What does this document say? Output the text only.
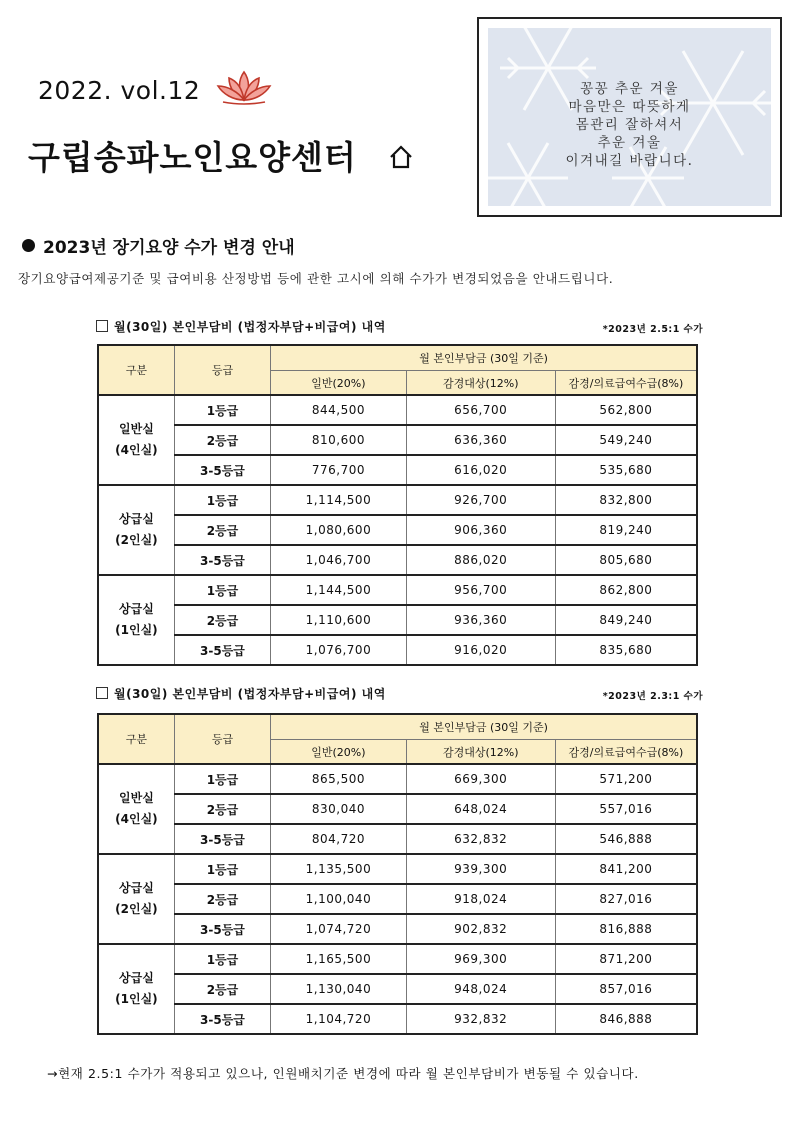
2022. vol.12
구립송파노인요양센터
꽁꽁 추운 겨울
마음만은 따뜻하게
몸관리 잘하셔서
추운 겨울
이겨내길 바랍니다.
2023년 장기요양 수가 변경 안내
장기요양급여제공기준 및 급여비용 산정방법 등에 관한 고시에 의해 수가가 변경되었음을 안내드립니다.
월(30일) 본인부담비 (법정자부담+비급여) 내역	*2023년 2.5:1 수가
구분	등급	월 본인부담금 (30일 기준)		
		일반(20%)	감경대상(12%)	감경/의료급여수급(8%)

일반실
(4인실)	1등급	844,500	656,700	562,800
	2등급	810,600	636,360	549,240
	3-5등급	776,700	616,020	535,680

상급실
(2인실)	1등급	1,114,500	926,700	832,800
	2등급	1,080,600	906,360	819,240
	3-5등급	1,046,700	886,020	805,680

상급실
(1인실)	1등급	1,144,500	956,700	862,800
	2등급	1,110,600	936,360	849,240
	3-5등급	1,076,700	916,020	835,680
월(30일) 본인부담비 (법정자부담+비급여) 내역	*2023년 2.3:1 수가
구분	등급	월 본인부담금 (30일 기준)		
		일반(20%)	감경대상(12%)	감경/의료급여수급(8%)

일반실
(4인실)	1등급	865,500	669,300	571,200
	2등급	830,040	648,024	557,016
	3-5등급	804,720	632,832	546,888

상급실
(2인실)	1등급	1,135,500	939,300	841,200
	2등급	1,100,040	918,024	827,016
	3-5등급	1,074,720	902,832	816,888

상급실
(1인실)	1등급	1,165,500	969,300	871,200
	2등급	1,130,040	948,024	857,016
	3-5등급	1,104,720	932,832	846,888
→현재 2.5:1 수가가 적용되고 있으나, 인원배치기준 변경에 따라 월 본인부담비가 변동될 수 있습니다.
